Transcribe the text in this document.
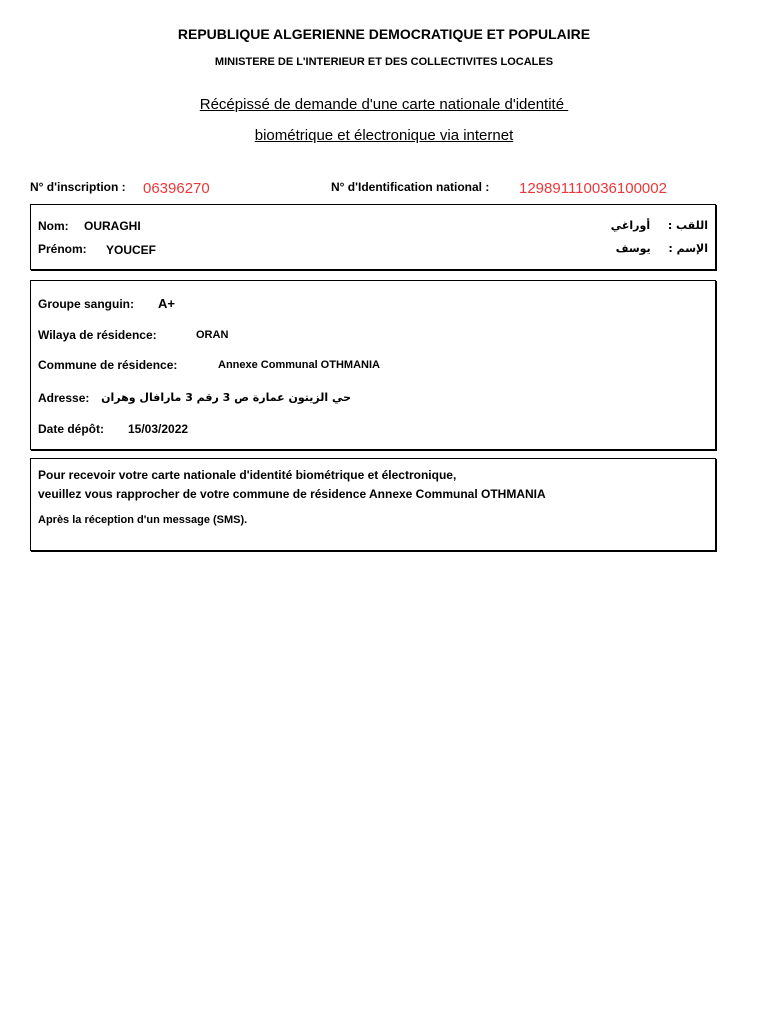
REPUBLIQUE ALGERIENNE DEMOCRATIQUE ET POPULAIRE
MINISTERE DE L'INTERIEUR ET DES COLLECTIVITES LOCALES
Récépissé de demande d'une carte nationale d'identité
biométrique et électronique via internet
N° d'inscription : 06396270	N° d'Identification national : 129891110036100002
Nom: OURAGHI
Prénom: YOUCEF
اللقب :  أوراغي
الإسم :  يوسف
Groupe sanguin: A+
Wilaya de résidence:	ORAN
Commune de résidence:	Annexe Communal OTHMANIA
Adresse: حي الزيتون عمارة ص 3 رقم 3 مارافال وهران
Date dépôt: 15/03/2022
Pour recevoir votre carte nationale d'identité biométrique et électronique,
veuillez vous rapprocher de votre commune de résidence Annexe Communal OTHMANIA
Après la réception d'un message (SMS).
